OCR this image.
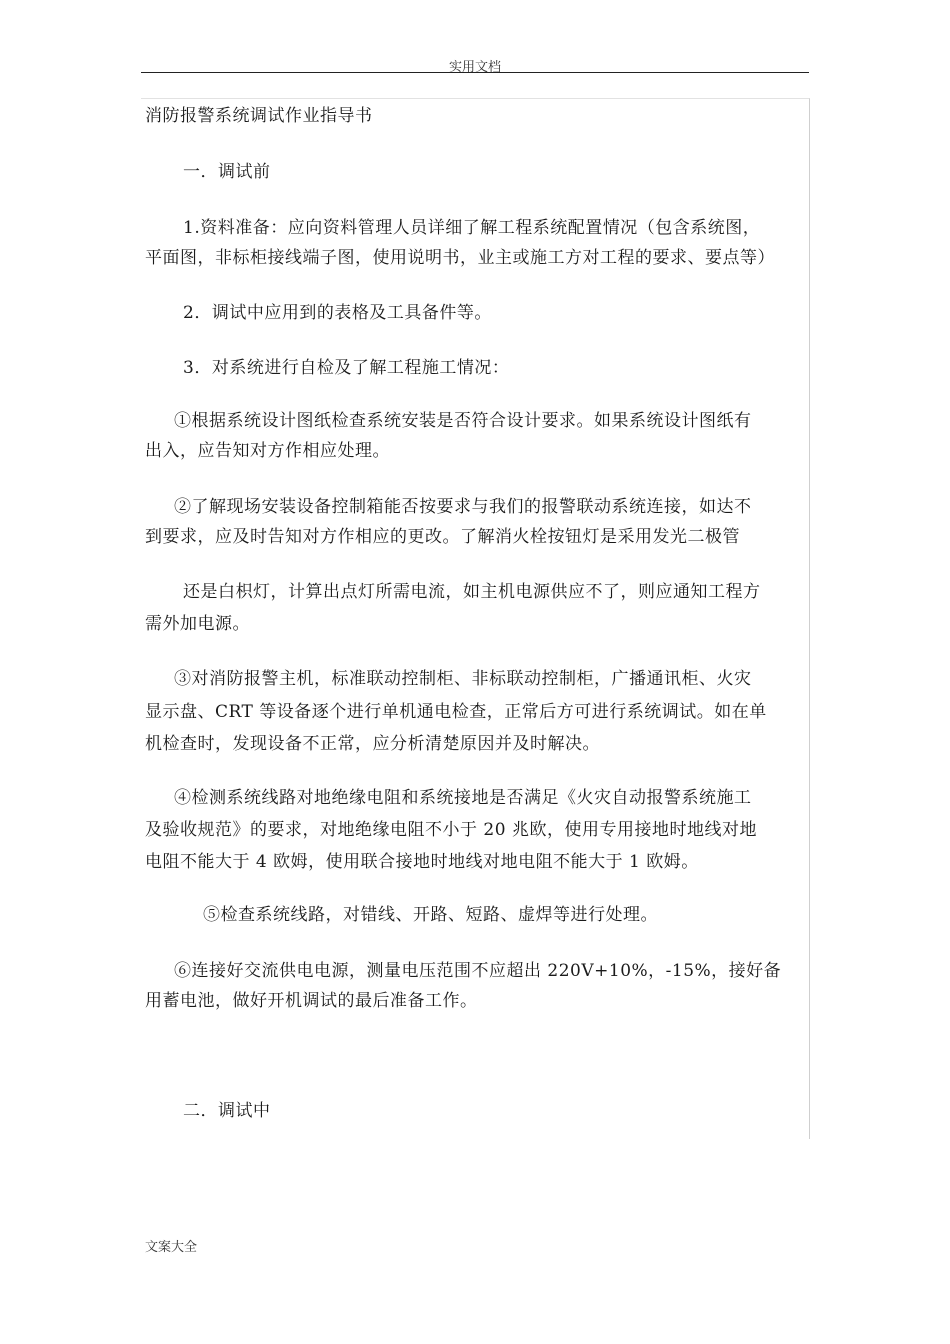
实用文档
消防报警系统调试作业指导书
一．调试前
1.资料准备：应向资料管理人员详细了解工程系统配置情况（包含系统图，
平面图，非标柜接线端子图，使用说明书，业主或施工方对工程的要求、要点等）
2．调试中应用到的表格及工具备件等。
3．对系统进行自检及了解工程施工情况：
①根据系统设计图纸检查系统安装是否符合设计要求。如果系统设计图纸有
出入，应告知对方作相应处理。
②了解现场安装设备控制箱能否按要求与我们的报警联动系统连接，如达不
到要求，应及时告知对方作相应的更改。了解消火栓按钮灯是采用发光二极管
还是白枳灯，计算出点灯所需电流，如主机电源供应不了，则应通知工程方
需外加电源。
③对消防报警主机，标准联动控制柜、非标联动控制柜，广播通讯柜、火灾
显示盘、CRT 等设备逐个进行单机通电检查，正常后方可进行系统调试。如在单
机检查时，发现设备不正常，应分析清楚原因并及时解决。
④检测系统线路对地绝缘电阻和系统接地是否满足《火灾自动报警系统施工
及验收规范》的要求，对地绝缘电阻不小于 20 兆欧，使用专用接地时地线对地
电阻不能大于 4 欧姆，使用联合接地时地线对地电阻不能大于 1 欧姆。
⑤检查系统线路，对错线、开路、短路、虚焊等进行处理。
⑥连接好交流供电电源，测量电压范围不应超出 220V+10%，-15%，接好备
用蓄电池，做好开机调试的最后准备工作。
二．调试中
文案大全
